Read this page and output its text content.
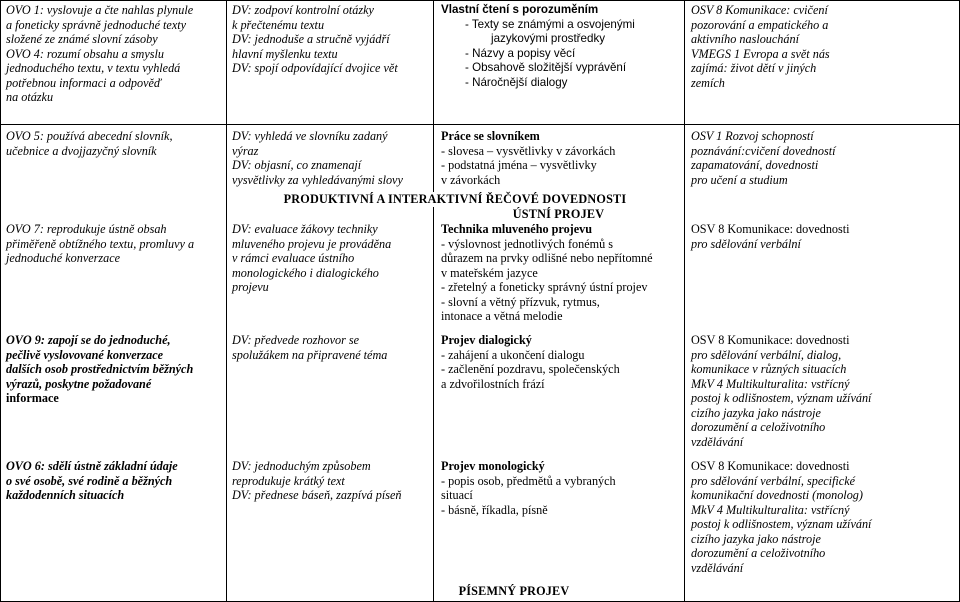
OVO 1: vyslovuje a čte nahlas plynule
a foneticky správně jednoduché texty
složené ze známé slovní zásoby
OVO 4: rozumí obsahu a smyslu
jednoduchého textu, v textu vyhledá
potřebnou informaci a odpověď
na otázku
DV: zodpoví kontrolní otázky
k přečtenému textu
DV: jednoduše a stručně vyjádří
hlavní myšlenku textu
DV: spojí odpovídající dvojice vět
Vlastní čtení s porozuměním
- Texty se známými a osvojenými
jazykovými prostředky
- Názvy a popisy věcí
- Obsahově složitější vyprávění
- Náročnější dialogy
OSV 8 Komunikace: cvičení
pozorování a empatického a
aktivního naslouchání
VMEGS 1 Evropa a svět nás
zajímá: život dětí v jiných
zemích
OVO 5: používá abecední slovník,
učebnice a dvojjazyčný slovník
DV: vyhledá ve slovníku zadaný
výraz
DV: objasní, co znamenají
vysvětlivky za vyhledávanými slovy
Práce se slovníkem
- slovesa – vysvětlivky v závorkách
- podstatná jména – vysvětlivky
v závorkách
OSV 1 Rozvoj schopností
poznávání:cvičení dovedností
zapamatování, dovednosti
pro učení a studium
PRODUKTIVNÍ A INTERAKTIVNÍ ŘEČOVÉ DOVEDNOSTI
ÚSTNÍ PROJEV
OVO 7: reprodukuje ústně obsah
přiměřeně obtížného textu, promluvy a
jednoduché konverzace
OVO 9: zapojí se do jednoduché,
pečlivě vyslovované konverzace
dalších osob prostřednictvím běžných
výrazů, poskytne požadované
informace
OVO 6: sdělí ústně základní údaje
o své osobě, své rodině a běžných
každodenních situacích
DV: evaluace žákovy techniky
mluveného projevu je prováděna
v rámci evaluace ústního
monologického i dialogického
projevu
DV: předvede rozhovor se
spolužákem na připravené téma
DV: jednoduchým způsobem
reprodukuje krátký text
DV: přednese báseň, zazpívá píseň
Technika mluveného projevu
- výslovnost jednotlivých fonémů s
důrazem na prvky odlišné nebo nepřítomné
v mateřském jazyce
- zřetelný a foneticky správný ústní projev
- slovní a větný přízvuk, rytmus,
intonace a větná melodie
Projev dialogický
- zahájení a ukončení dialogu
- začlenění pozdravu, společenských
a zdvořilostních frází
Projev monologický
- popis osob, předmětů a vybraných
situací
- básně, říkadla, písně
OSV 8 Komunikace: dovednosti
pro sdělování verbální
OSV 8 Komunikace: dovednosti
pro sdělování verbální, dialog,
komunikace v různých situacích
MkV 4 Multikulturalita: vstřícný
postoj k odlišnostem, význam užívání
cizího jazyka jako nástroje
dorozumění a celoživotního
vzdělávání
OSV 8 Komunikace: dovednosti
pro sdělování verbální, specifické
komunikační dovednosti (monolog)
MkV 4 Multikulturalita: vstřícný
postoj k odlišnostem, význam užívání
cizího jazyka jako nástroje
dorozumění a celoživotního
vzdělávání
PÍSEMNÝ PROJEV
